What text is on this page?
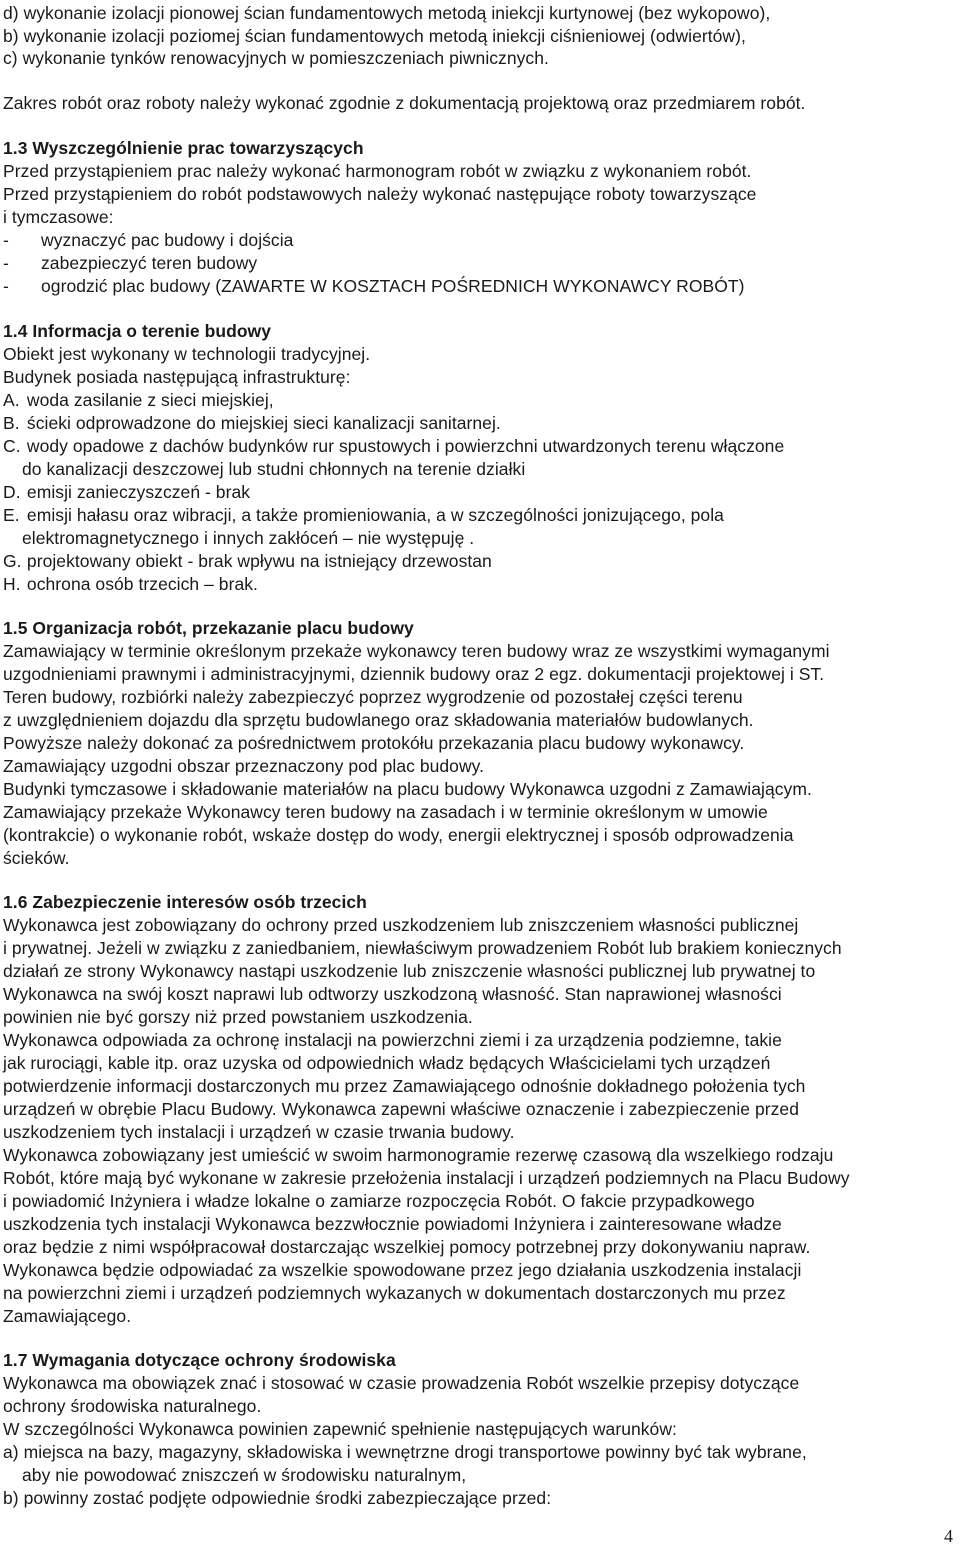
d) wykonanie izolacji pionowej ścian fundamentowych metodą iniekcji kurtynowej (bez wykopowo),
b) wykonanie izolacji poziomej ścian fundamentowych metodą iniekcji ciśnieniowej (odwiertów),
c) wykonanie tynków renowacyjnych w pomieszczeniach piwnicznych.
Zakres robót oraz roboty należy wykonać zgodnie z dokumentacją projektową oraz przedmiarem robót.
1.3 Wyszczególnienie prac towarzyszących
Przed przystąpieniem prac należy wykonać harmonogram robót w związku z wykonaniem robót.
Przed przystąpieniem do robót podstawowych należy wykonać następujące roboty towarzyszące
i tymczasowe:
- wyznaczyć pac budowy i dojścia
- zabezpieczyć teren budowy
- ogrodzić plac budowy (ZAWARTE W KOSZTACH POŚREDNICH WYKONAWCY ROBÓT)
1.4 Informacja o terenie budowy
Obiekt jest wykonany w technologii tradycyjnej.
Budynek posiada następującą infrastrukturę:
A. woda zasilanie z sieci miejskiej,
B. ścieki odprowadzone do miejskiej sieci kanalizacji sanitarnej.
C. wody opadowe z dachów budynków rur spustowych i powierzchni utwardzonych terenu włączone
do kanalizacji deszczowej lub studni chłonnych na terenie działki
D. emisji zanieczyszczeń - brak
E. emisji hałasu oraz wibracji, a także promieniowania, a w szczególności jonizującego, pola
elektromagnetycznego i innych zakłóceń – nie występuję .
G. projektowany obiekt - brak wpływu na istniejący drzewostan
H. ochrona osób trzecich – brak.
1.5 Organizacja robót, przekazanie placu budowy
Zamawiający w terminie określonym przekaże wykonawcy teren budowy wraz ze wszystkimi wymaganymi
uzgodnieniami prawnymi i administracyjnymi, dziennik budowy oraz 2 egz. dokumentacji projektowej i ST.
Teren budowy, rozbiórki należy zabezpieczyć poprzez wygrodzenie od pozostałej części terenu
z uwzględnieniem dojazdu dla sprzętu budowlanego oraz składowania materiałów budowlanych.
Powyższe należy dokonać za pośrednictwem protokółu przekazania placu budowy wykonawcy.
Zamawiający uzgodni obszar przeznaczony pod plac budowy.
Budynki tymczasowe i składowanie materiałów na placu budowy Wykonawca uzgodni z Zamawiającym.
Zamawiający przekaże Wykonawcy teren budowy na zasadach i w terminie określonym w umowie
(kontrakcie) o wykonanie robót, wskaże dostęp do wody, energii elektrycznej i sposób odprowadzenia
ścieków.
1.6 Zabezpieczenie interesów osób trzecich
Wykonawca jest zobowiązany do ochrony przed uszkodzeniem lub zniszczeniem własności publicznej
i prywatnej. Jeżeli w związku z zaniedbaniem, niewłaściwym prowadzeniem Robót lub brakiem koniecznych
działań ze strony Wykonawcy nastąpi uszkodzenie lub zniszczenie własności publicznej lub prywatnej to
Wykonawca na swój koszt naprawi lub odtworzy uszkodzoną własność. Stan naprawionej własności
powinien nie być gorszy niż przed powstaniem uszkodzenia.
Wykonawca odpowiada za ochronę instalacji na powierzchni ziemi i za urządzenia podziemne, takie
jak rurociągi, kable itp. oraz uzyska od odpowiednich władz będących Właścicielami tych urządzeń
potwierdzenie informacji dostarczonych mu przez Zamawiającego odnośnie dokładnego położenia tych
urządzeń w obrębie Placu Budowy. Wykonawca zapewni właściwe oznaczenie i zabezpieczenie przed
uszkodzeniem tych instalacji i urządzeń w czasie trwania budowy.
Wykonawca zobowiązany jest umieścić w swoim harmonogramie rezerwę czasową dla wszelkiego rodzaju
Robót, które mają być wykonane w zakresie przełożenia instalacji i urządzeń podziemnych na Placu Budowy
i powiadomić Inżyniera i władze lokalne o zamiarze rozpoczęcia Robót. O fakcie przypadkowego
uszkodzenia tych instalacji Wykonawca bezzwłocznie powiadomi Inżyniera i zainteresowane władze
oraz będzie z nimi współpracował dostarczając wszelkiej pomocy potrzebnej przy dokonywaniu napraw.
Wykonawca będzie odpowiadać za wszelkie spowodowane przez jego działania uszkodzenia instalacji
na powierzchni ziemi i urządzeń podziemnych wykazanych w dokumentach dostarczonych mu przez
Zamawiającego.
1.7 Wymagania dotyczące ochrony środowiska
Wykonawca ma obowiązek znać i stosować w czasie prowadzenia Robót wszelkie przepisy dotyczące
ochrony środowiska naturalnego.
W szczególności Wykonawca powinien zapewnić spełnienie następujących warunków:
a) miejsca na bazy, magazyny, składowiska i wewnętrzne drogi transportowe powinny być tak wybrane,
aby nie powodować zniszczeń w środowisku naturalnym,
b) powinny zostać podjęte odpowiednie środki zabezpieczające przed:
4
